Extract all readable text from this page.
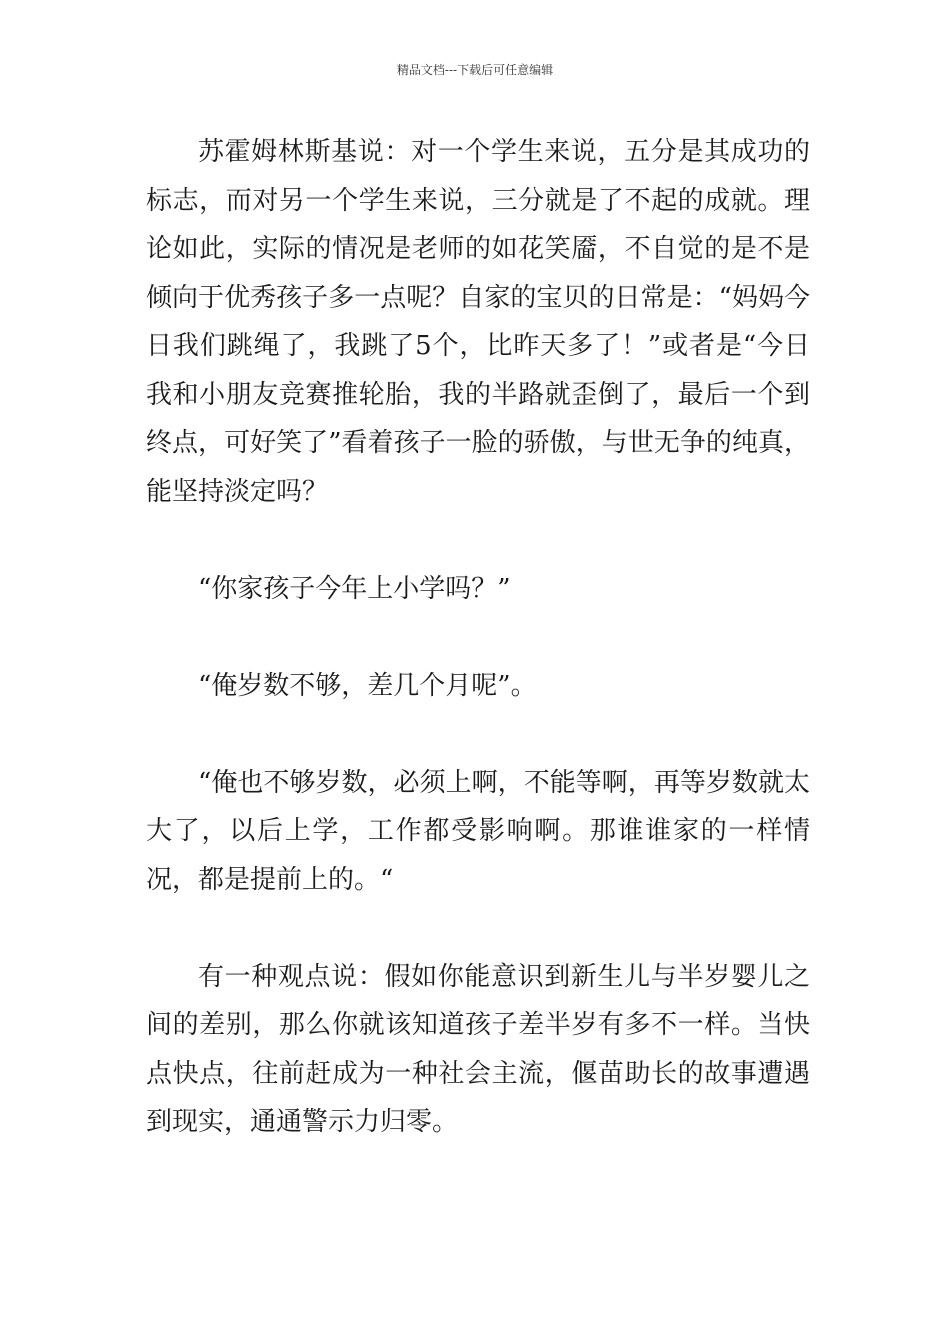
精品文档---下载后可任意编辑

苏霍姆林斯基说：对一个学生来说，五分是其成功的标志，而对另一个学生来说，三分就是了不起的成就。理论如此，实际的情况是老师的如花笑靥，不自觉的是不是倾向于优秀孩子多一点呢？自家的宝贝的日常是：“妈妈今日我们跳绳了，我跳了5个，比昨天多了！”或者是“今日我和小朋友竞赛推轮胎，我的半路就歪倒了，最后一个到终点，可好笑了”看着孩子一脸的骄傲，与世无争的纯真，能坚持淡定吗？

“你家孩子今年上小学吗？”

“俺岁数不够，差几个月呢”。

“俺也不够岁数，必须上啊，不能等啊，再等岁数就太大了，以后上学，工作都受影响啊。那谁谁家的一样情况，都是提前上的。“

有一种观点说：假如你能意识到新生儿与半岁婴儿之间的差别，那么你就该知道孩子差半岁有多不一样。当快点快点，往前赶成为一种社会主流，偃苗助长的故事遭遇到现实，通通警示力归零。
